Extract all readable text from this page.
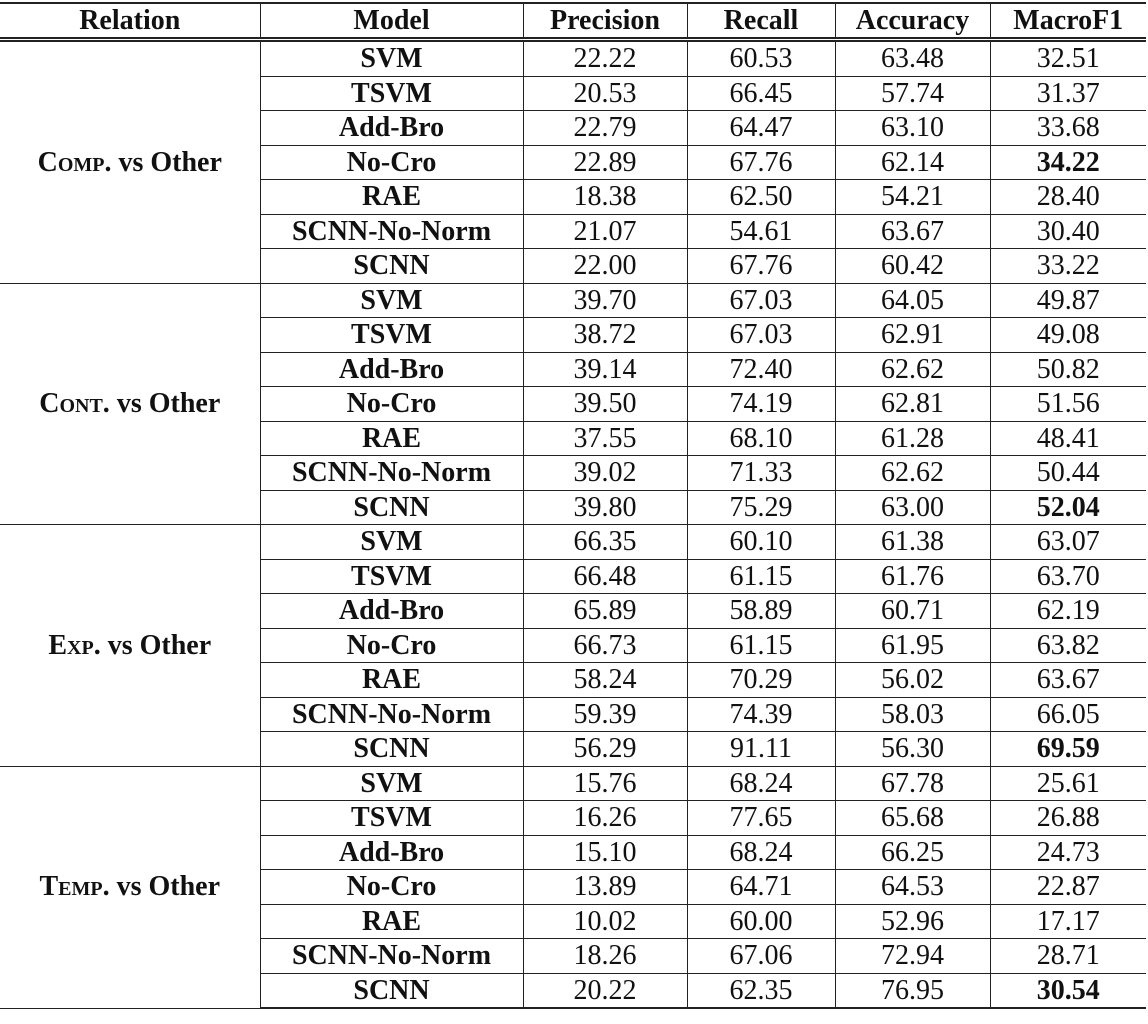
Relation	Model	Precision	Recall	Accuracy	MacroF1
Comp. vs Other	SVM	22.22	60.53	63.48	32.51
	TSVM	20.53	66.45	57.74	31.37
	Add-Bro	22.79	64.47	63.10	33.68
	No-Cro	22.89	67.76	62.14	34.22
	RAE	18.38	62.50	54.21	28.40
	SCNN-No-Norm	21.07	54.61	63.67	30.40
	SCNN	22.00	67.76	60.42	33.22
Cont. vs Other	SVM	39.70	67.03	64.05	49.87
	TSVM	38.72	67.03	62.91	49.08
	Add-Bro	39.14	72.40	62.62	50.82
	No-Cro	39.50	74.19	62.81	51.56
	RAE	37.55	68.10	61.28	48.41
	SCNN-No-Norm	39.02	71.33	62.62	50.44
	SCNN	39.80	75.29	63.00	52.04
Exp. vs Other	SVM	66.35	60.10	61.38	63.07
	TSVM	66.48	61.15	61.76	63.70
	Add-Bro	65.89	58.89	60.71	62.19
	No-Cro	66.73	61.15	61.95	63.82
	RAE	58.24	70.29	56.02	63.67
	SCNN-No-Norm	59.39	74.39	58.03	66.05
	SCNN	56.29	91.11	56.30	69.59
Temp. vs Other	SVM	15.76	68.24	67.78	25.61
	TSVM	16.26	77.65	65.68	26.88
	Add-Bro	15.10	68.24	66.25	24.73
	No-Cro	13.89	64.71	64.53	22.87
	RAE	10.02	60.00	52.96	17.17
	SCNN-No-Norm	18.26	67.06	72.94	28.71
	SCNN	20.22	62.35	76.95	30.54
